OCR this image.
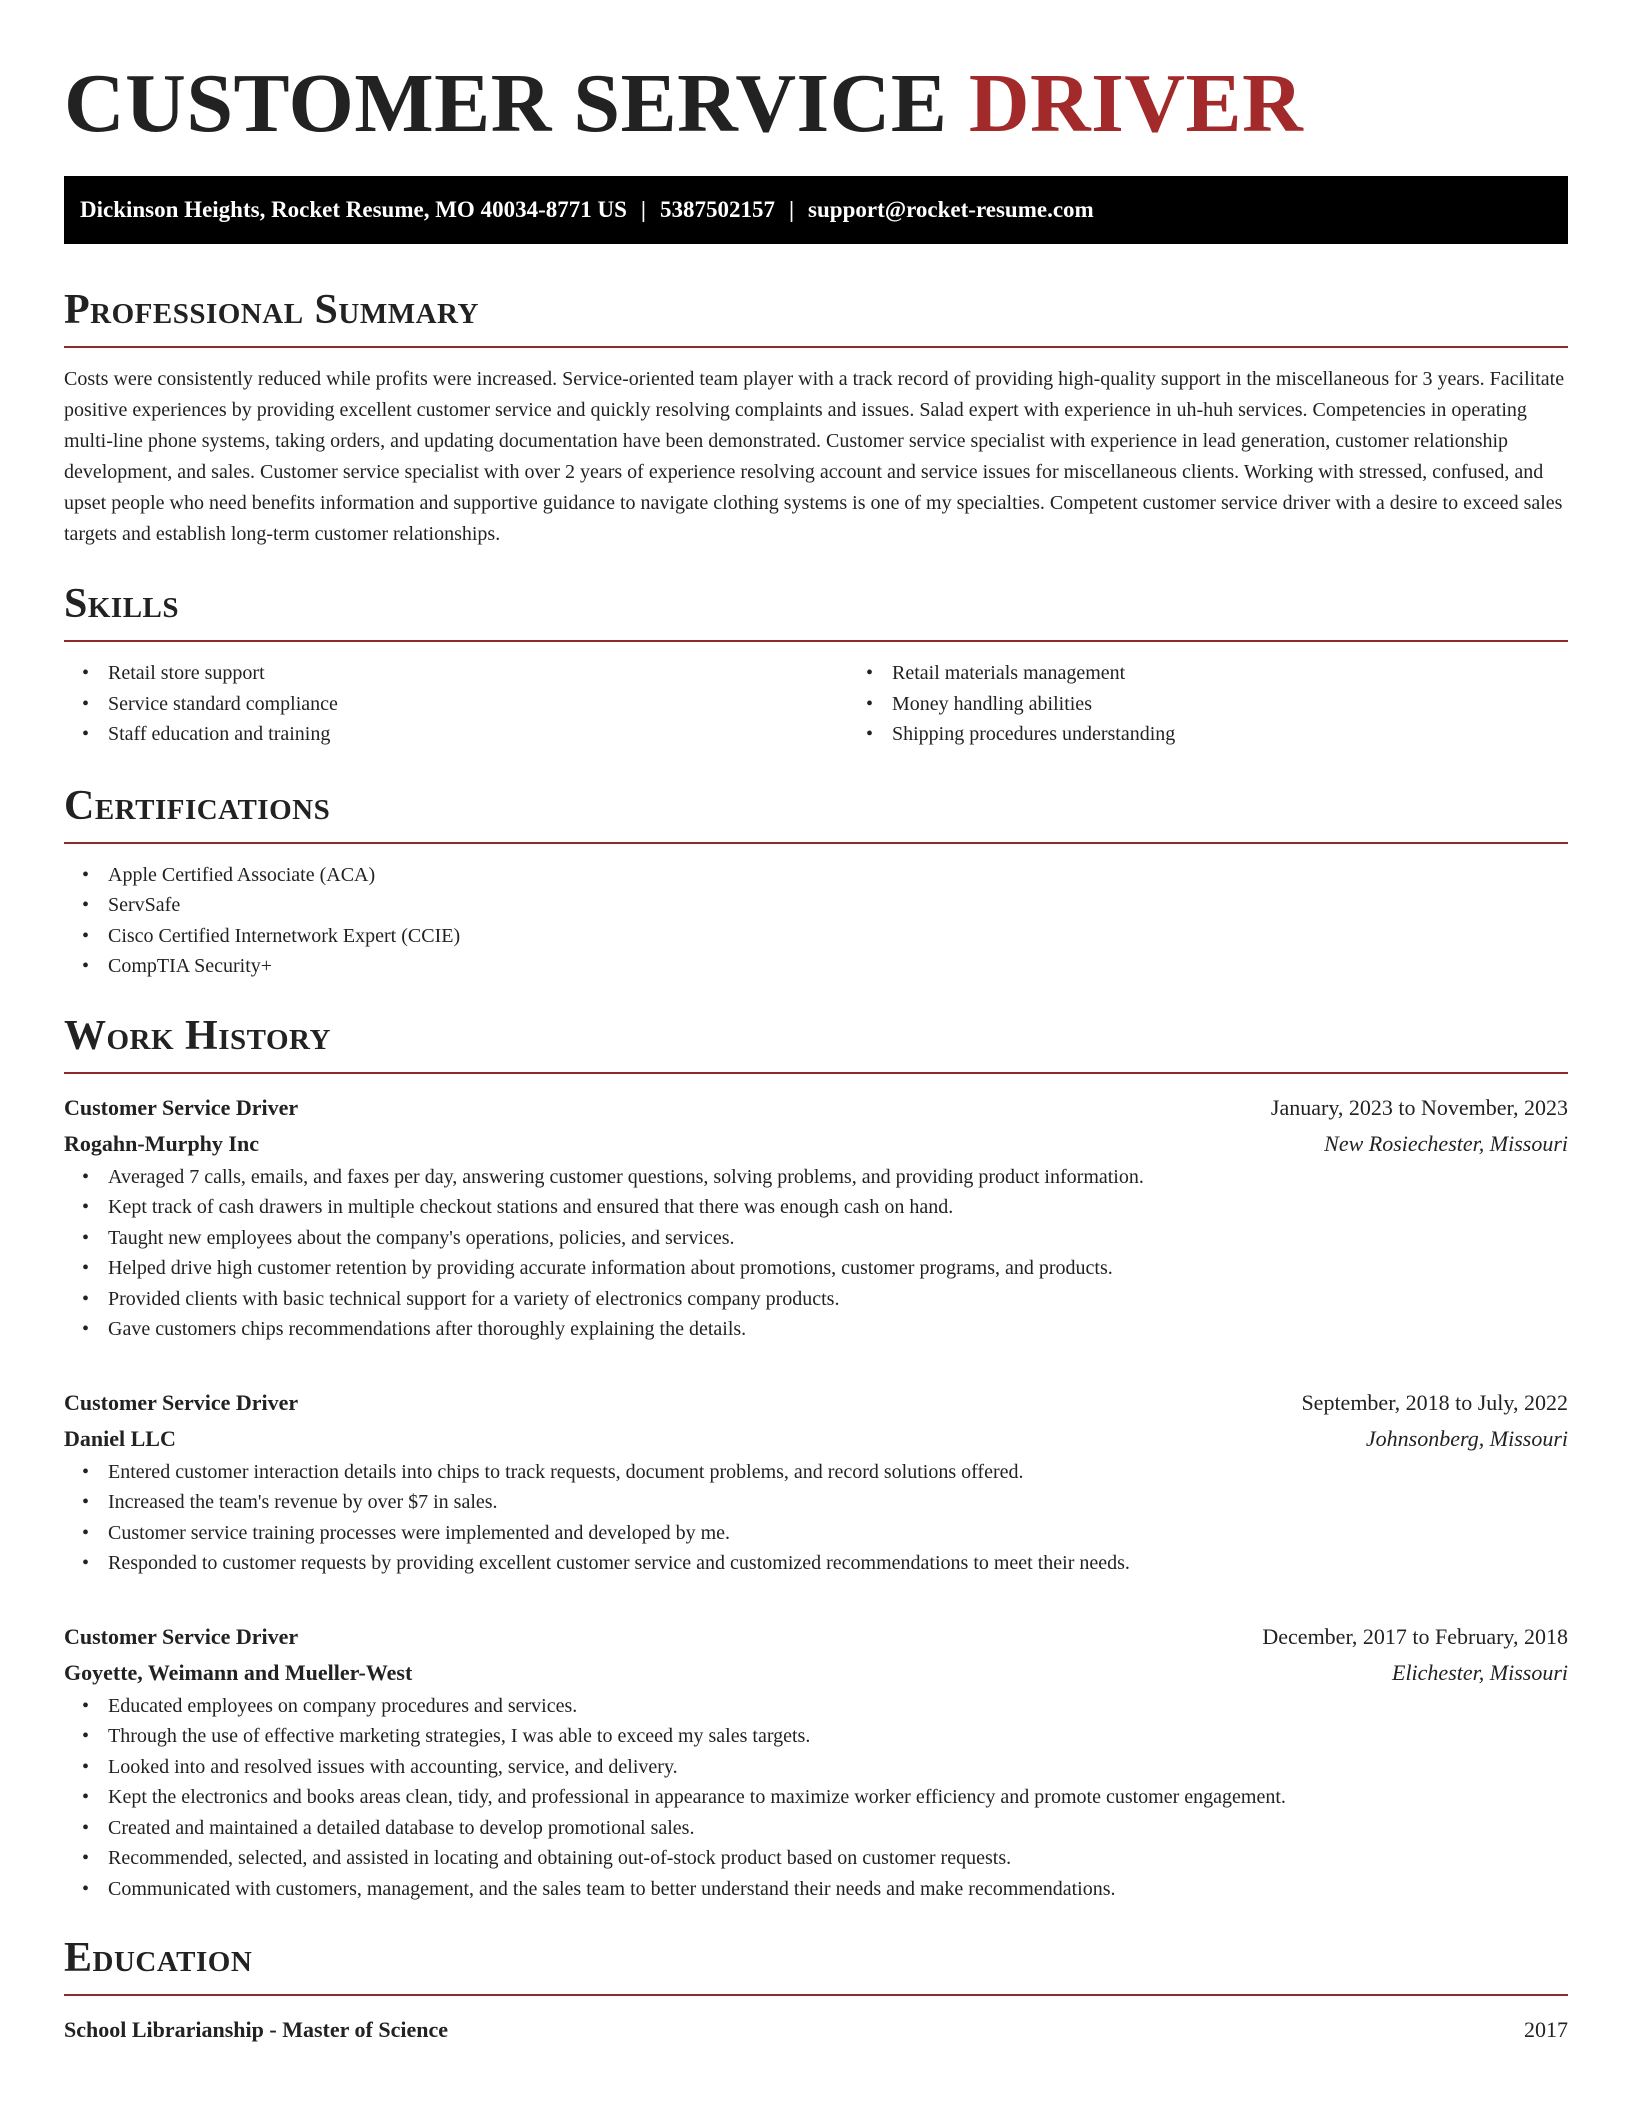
CUSTOMER SERVICE DRIVER
Dickinson Heights, Rocket Resume, MO 40034-8771 US | 5387502157 | support@rocket-resume.com
Professional Summary

Costs were consistently reduced while profits were increased. Service-oriented team player with a track record of providing high-quality support in the miscellaneous for 3 years. Facilitate positive experiences by providing excellent customer service and quickly resolving complaints and issues. Salad expert with experience in uh-huh services. Competencies in operating multi-line phone systems, taking orders, and updating documentation have been demonstrated. Customer service specialist with experience in lead generation, customer relationship development, and sales. Customer service specialist with over 2 years of experience resolving account and service issues for miscellaneous clients. Working with stressed, confused, and upset people who need benefits information and supportive guidance to navigate clothing systems is one of my specialties. Competent customer service driver with a desire to exceed sales targets and establish long-term customer relationships.

Skills
• Retail store support
• Service standard compliance
• Staff education and training
• Retail materials management
• Money handling abilities
• Shipping procedures understanding
Certifications
• Apple Certified Associate (ACA)
• ServSafe
• Cisco Certified Internetwork Expert (CCIE)
• CompTIA Security+
Work History
Customer Service Driver	January, 2023 to November, 2023
Rogahn-Murphy Inc	New Rosiechester, Missouri
• Averaged 7 calls, emails, and faxes per day, answering customer questions, solving problems, and providing product information.
• Kept track of cash drawers in multiple checkout stations and ensured that there was enough cash on hand.
• Taught new employees about the company's operations, policies, and services.
• Helped drive high customer retention by providing accurate information about promotions, customer programs, and products.
• Provided clients with basic technical support for a variety of electronics company products.
• Gave customers chips recommendations after thoroughly explaining the details.
Customer Service Driver	September, 2018 to July, 2022
Daniel LLC	Johnsonberg, Missouri
• Entered customer interaction details into chips to track requests, document problems, and record solutions offered.
• Increased the team's revenue by over $7 in sales.
• Customer service training processes were implemented and developed by me.
• Responded to customer requests by providing excellent customer service and customized recommendations to meet their needs.
Customer Service Driver	December, 2017 to February, 2018
Goyette, Weimann and Mueller-West	Elichester, Missouri
• Educated employees on company procedures and services.
• Through the use of effective marketing strategies, I was able to exceed my sales targets.
• Looked into and resolved issues with accounting, service, and delivery.
• Kept the electronics and books areas clean, tidy, and professional in appearance to maximize worker efficiency and promote customer engagement.
• Created and maintained a detailed database to develop promotional sales.
• Recommended, selected, and assisted in locating and obtaining out-of-stock product based on customer requests.
• Communicated with customers, management, and the sales team to better understand their needs and make recommendations.
Education
School Librarianship - Master of Science	2017
